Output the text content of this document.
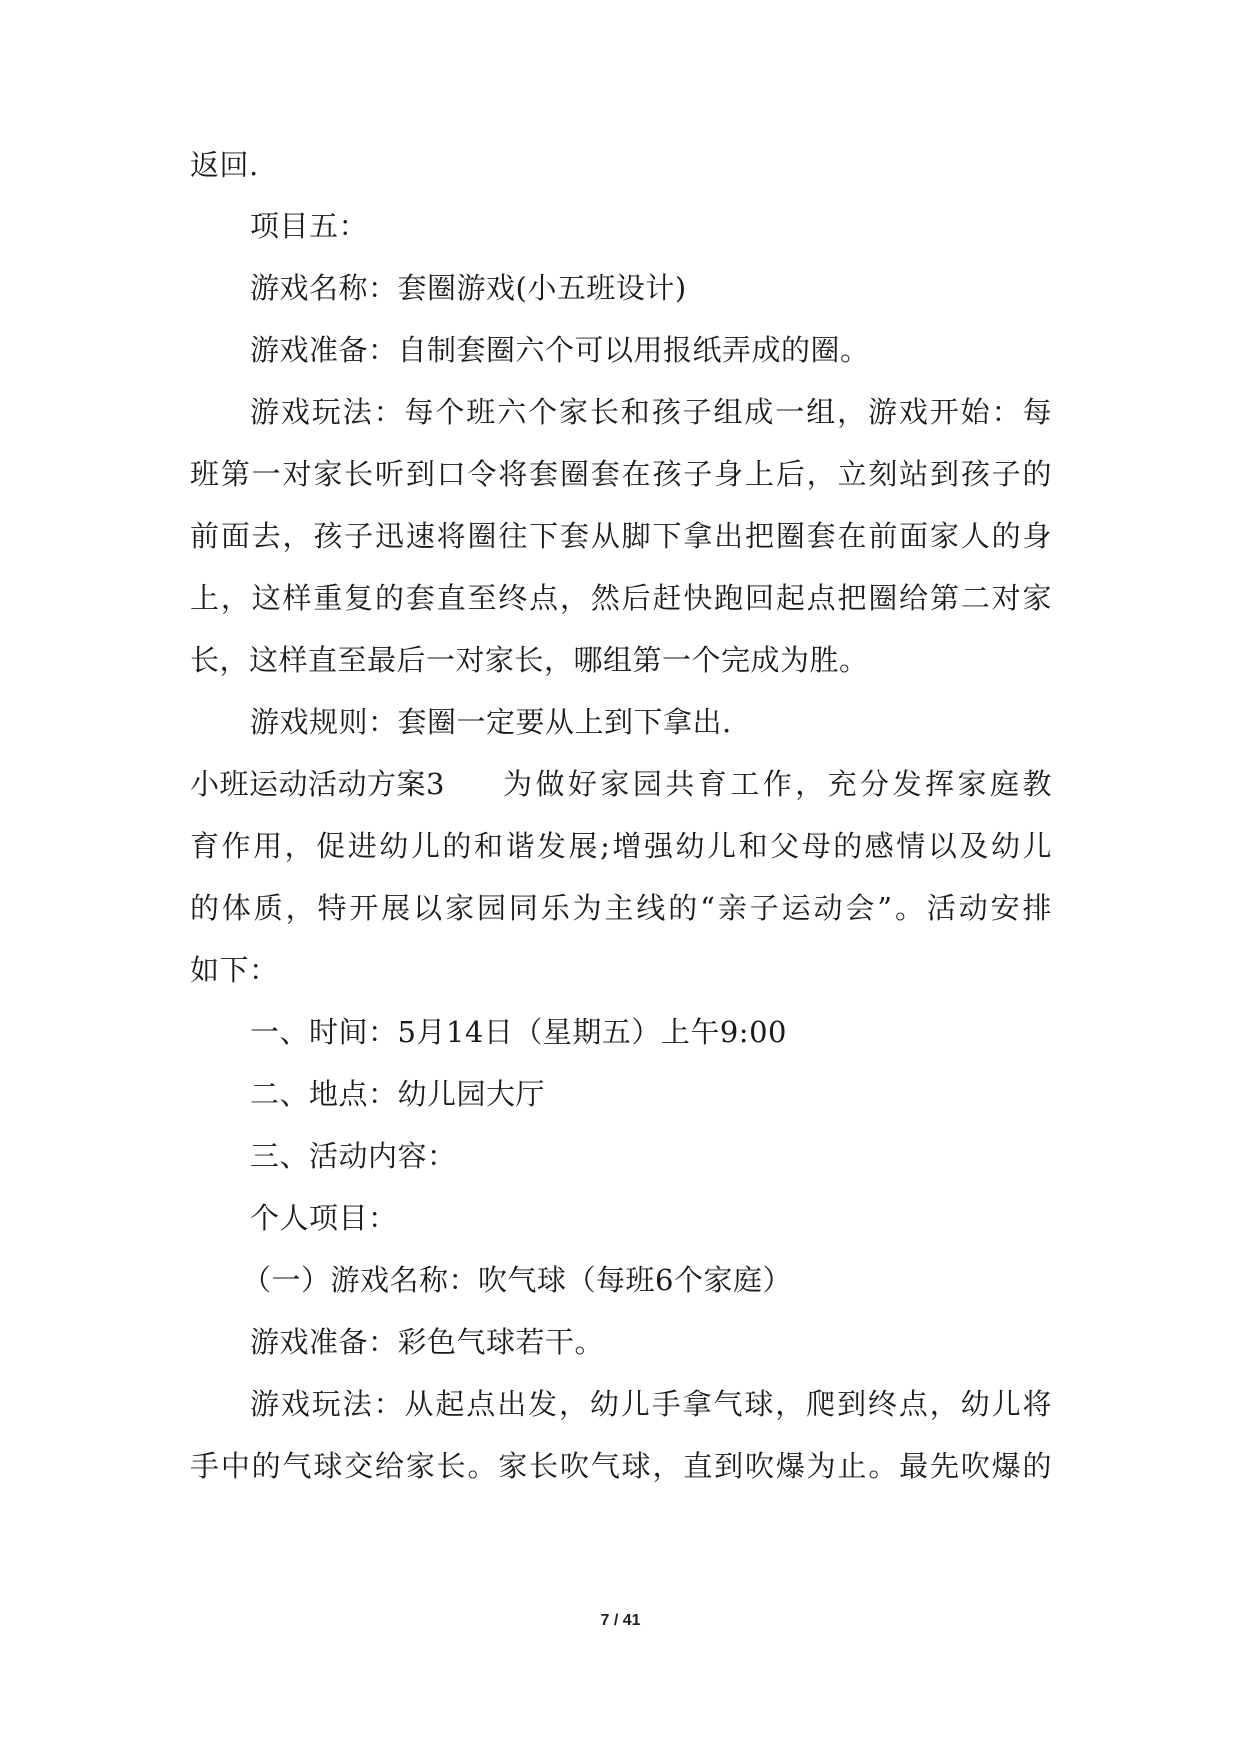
返回.
项目五：
游戏名称：套圈游戏(小五班设计)
游戏准备：自制套圈六个可以用报纸弄成的圈。
游戏玩法：每个班六个家长和孩子组成一组，游戏开始：每
班第一对家长听到口令将套圈套在孩子身上后，立刻站到孩子的
前面去，孩子迅速将圈往下套从脚下拿出把圈套在前面家人的身
上，这样重复的套直至终点，然后赶快跑回起点把圈给第二对家
长，这样直至最后一对家长，哪组第一个完成为胜。
游戏规则：套圈一定要从上到下拿出.
小班运动活动方案3 为做好家园共育工作，充分发挥家庭教
育作用，促进幼儿的和谐发展;增强幼儿和父母的感情以及幼儿
的体质，特开展以家园同乐为主线的“亲子运动会”。活动安排
如下：
一、时间：5月14日（星期五）上午9:00
二、地点：幼儿园大厅
三、活动内容：
个人项目：
（一）游戏名称：吹气球（每班6个家庭）
游戏准备：彩色气球若干。
游戏玩法：从起点出发，幼儿手拿气球，爬到终点，幼儿将
手中的气球交给家长。家长吹气球，直到吹爆为止。最先吹爆的
7 / 41
